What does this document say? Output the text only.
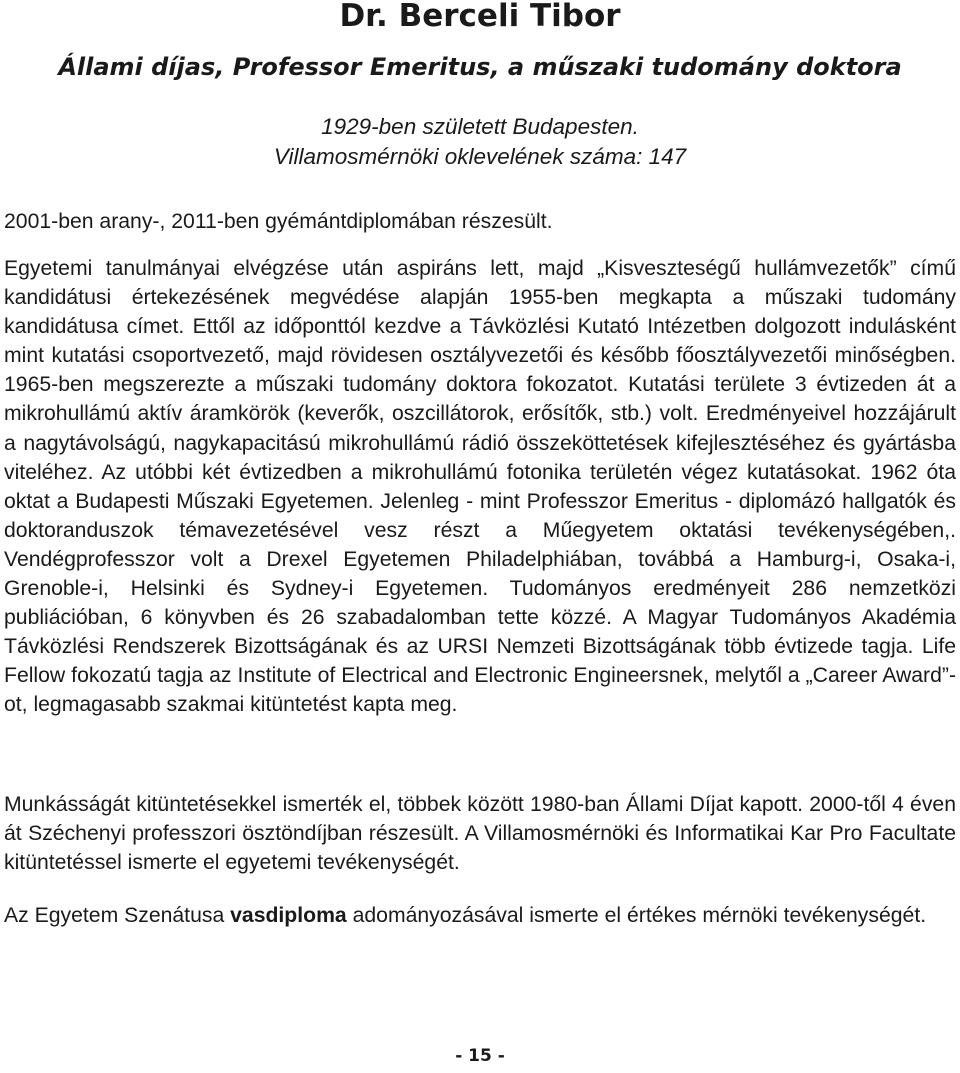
Dr. Berceli Tibor
Állami díjas, Professor Emeritus, a műszaki tudomány doktora
1929-ben született Budapesten.
Villamosmérnöki oklevelének száma: 147

2001-ben arany-, 2011-ben gyémántdiplomában részesült.

Egyetemi tanulmányai elvégzése után aspiráns lett, majd „Kisveszteségű hullámvezetők” című kandidátusi értekezésének megvédése alapján 1955-ben megkapta a műszaki tudomány kandidátusa címet. Ettől az időponttól kezdve a Távközlési Kutató Intézetben dolgozott indulásként mint kutatási csoportvezető, majd rövidesen osztályvezetői és később főosztályvezetői minőségben. 1965-ben megszerezte a műszaki tudomány doktora fokozatot. Kutatási területe 3 évtizeden át a mikrohullámú aktív áramkörök (keverők, oszcillátorok, erősítők, stb.) volt. Eredményeivel hozzájárult a nagytávolságú, nagykapacitású mikrohullámú rádió összeköttetések kifejlesztéséhez és gyártásba viteléhez. Az utóbbi két évtizedben a mikrohullámú fotonika területén végez kutatásokat. 1962 óta oktat a Budapesti Műszaki Egyetemen. Jelenleg - mint Professzor Emeritus - diplomázó hallgatók és doktoranduszok témavezetésével vesz részt a Műegyetem oktatási tevékenységében,. Vendégprofesszor volt a Drexel Egyetemen Philadelphiában, továbbá a Hamburg-i, Osaka-i, Grenoble-i, Helsinki és Sydney-i Egyetemen. Tudományos eredményeit 286 nemzetközi publiációban, 6 könyvben és 26 szabadalomban tette közzé. A Magyar Tudományos Akadémia Távközlési Rendszerek Bizottságának és az URSI Nemzeti Bizottságának több évtizede tagja. Life Fellow fokozatú tagja az Institute of Electrical and Electronic Engineersnek, melytől a „Career Award”-ot, legmagasabb szakmai kitüntetést kapta meg.

Munkásságát kitüntetésekkel ismerték el, többek között 1980-ban Állami Díjat kapott. 2000-től 4 éven át Széchenyi professzori ösztöndíjban részesült. A Villamosmérnöki és Informatikai Kar Pro Facultate kitüntetéssel ismerte el egyetemi tevékenységét.

Az Egyetem Szenátusa vasdiploma adományozásával ismerte el értékes mérnöki tevékenységét.

- 15 -
